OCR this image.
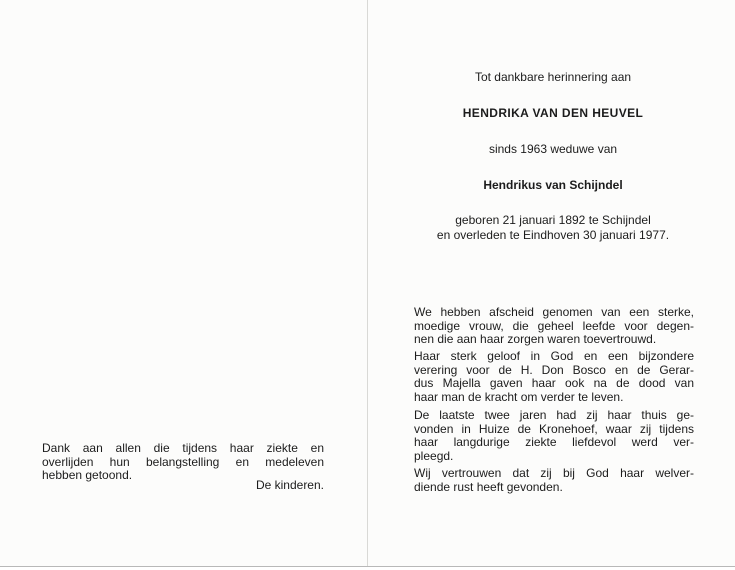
Tot dankbare herinnering aan
HENDRIKA VAN DEN HEUVEL
sinds 1963 weduwe van
Hendrikus van Schijndel
geboren 21 januari 1892 te Schijndel
en overleden te Eindhoven 30 januari 1977.
We hebben afscheid genomen van een sterke,
moedige vrouw, die geheel leefde voor degen-
nen die aan haar zorgen waren toevertrouwd.
Haar sterk geloof in God en een bijzondere
verering voor de H. Don Bosco en de Gerar-
dus Majella gaven haar ook na de dood van
haar man de kracht om verder te leven.
De laatste twee jaren had zij haar thuis ge-
vonden in Huize de Kronehoef, waar zij tijdens
haar langdurige ziekte liefdevol werd ver-
pleegd.
Wij vertrouwen dat zij bij God haar welver-
diende rust heeft gevonden.
Dank aan allen die tijdens haar ziekte en
overlijden hun belangstelling en medeleven
hebben getoond.
De kinderen.
